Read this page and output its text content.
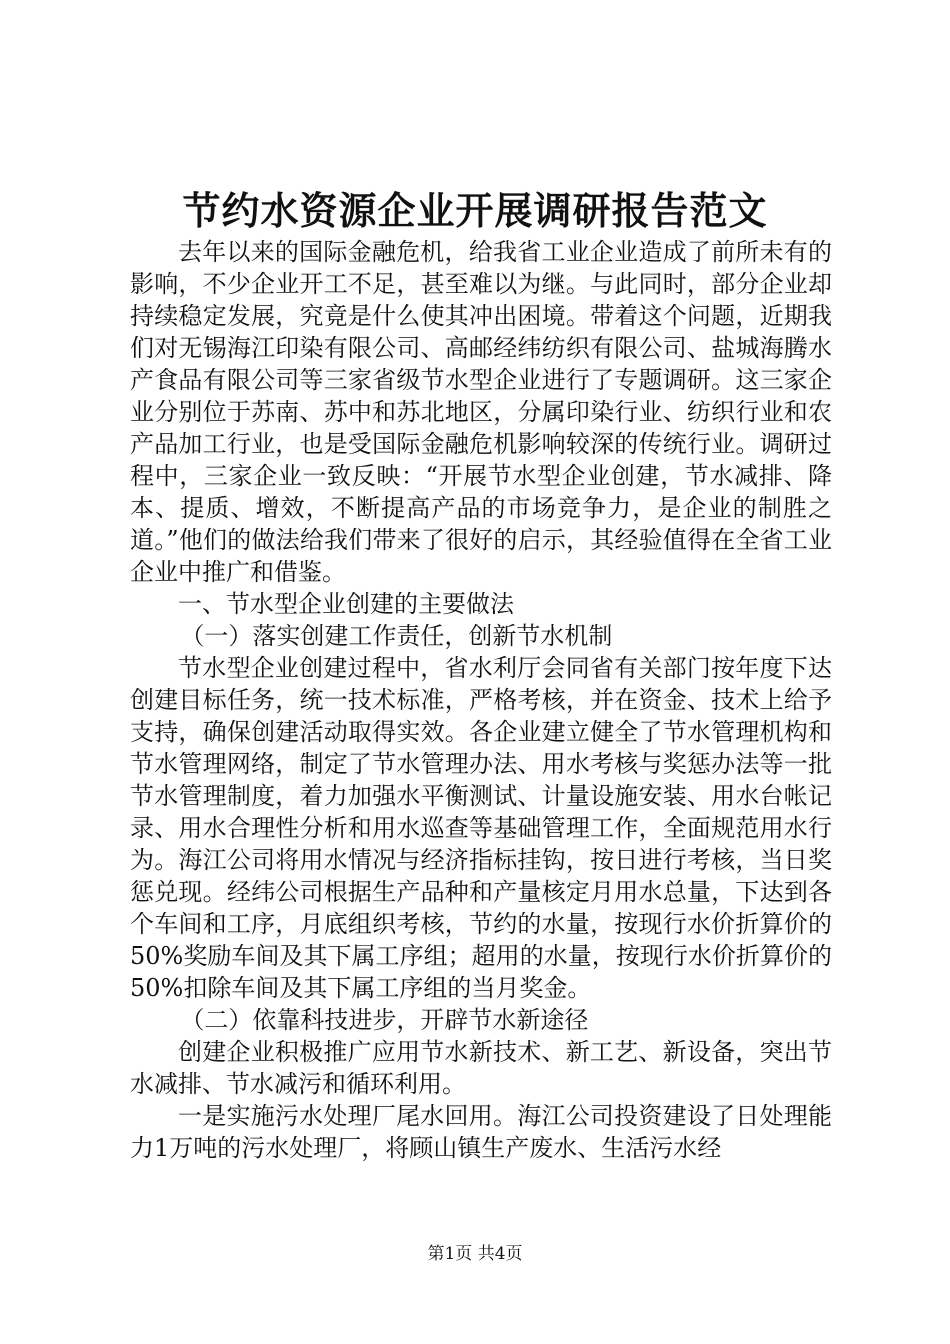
节约水资源企业开展调研报告范文

去年以来的国际金融危机，给我省工业企业造成了前所未有的影响，不少企业开工不足，甚至难以为继。与此同时，部分企业却持续稳定发展，究竟是什么使其冲出困境。带着这个问题，近期我们对无锡海江印染有限公司、高邮经纬纺织有限公司、盐城海腾水产食品有限公司等三家省级节水型企业进行了专题调研。这三家企业分别位于苏南、苏中和苏北地区，分属印染行业、纺织行业和农产品加工行业，也是受国际金融危机影响较深的传统行业。调研过程中，三家企业一致反映：“开展节水型企业创建，节水减排、降本、提质、增效，不断提高产品的市场竞争力，是企业的制胜之道。”他们的做法给我们带来了很好的启示，其经验值得在全省工业企业中推广和借鉴。

一、节水型企业创建的主要做法

（一）落实创建工作责任，创新节水机制

节水型企业创建过程中，省水利厅会同省有关部门按年度下达创建目标任务，统一技术标准，严格考核，并在资金、技术上给予支持，确保创建活动取得实效。各企业建立健全了节水管理机构和节水管理网络，制定了节水管理办法、用水考核与奖惩办法等一批节水管理制度，着力加强水平衡测试、计量设施安装、用水台帐记录、用水合理性分析和用水巡查等基础管理工作，全面规范用水行为。海江公司将用水情况与经济指标挂钩，按日进行考核，当日奖惩兑现。经纬公司根据生产品种和产量核定月用水总量，下达到各个车间和工序，月底组织考核，节约的水量，按现行水价折算价的50%奖励车间及其下属工序组；超用的水量，按现行水价折算价的50%扣除车间及其下属工序组的当月奖金。

（二）依靠科技进步，开辟节水新途径

创建企业积极推广应用节水新技术、新工艺、新设备，突出节水减排、节水减污和循环利用。

一是实施污水处理厂尾水回用。海江公司投资建设了日处理能力1万吨的污水处理厂，将顾山镇生产废水、生活污水经

第1页 共4页
